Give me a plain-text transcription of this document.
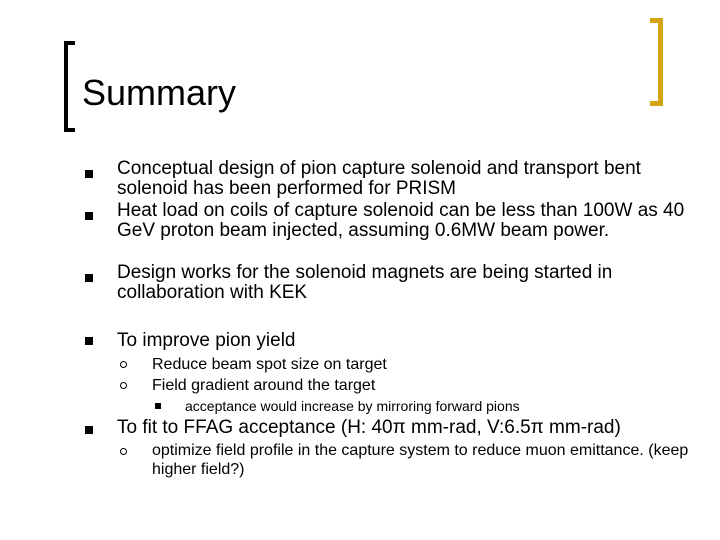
Summary
Conceptual design of pion capture solenoid and transport bent solenoid has been performed for PRISM
Heat load on coils of capture solenoid can be less than 100W as 40 GeV proton beam injected, assuming 0.6MW beam power.
Design works for the solenoid magnets are being started in collaboration with KEK
To improve pion yield
Reduce beam spot size on target
Field gradient around the target
acceptance would increase by mirroring forward pions
To fit to FFAG acceptance (H: 40π mm-rad, V:6.5π mm-rad)
optimize field profile in the capture system to reduce muon emittance. (keep higher field?)
